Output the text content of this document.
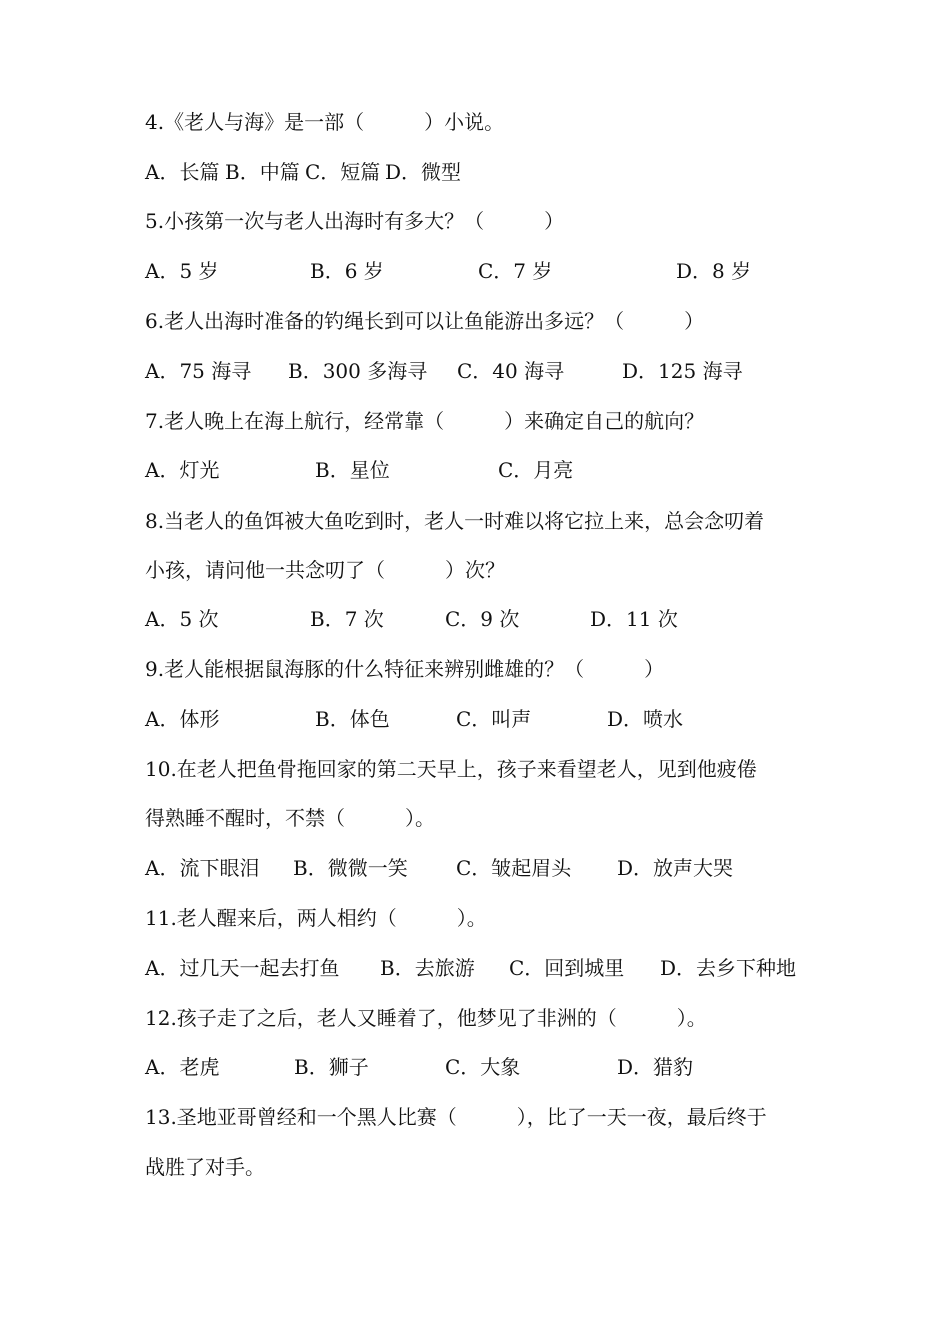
4.《老人与海》是一部（　　　）小说。
A．长篇 B．中篇 C．短篇 D．微型
5.小孩第一次与老人出海时有多大？（　　　）
A．5 岁	B．6 岁	C．7 岁	D．8 岁
6.老人出海时准备的钓绳长到可以让鱼能游出多远？（　　　）
A．75 海寻 B．300 多海寻 C．40 海寻	D．125 海寻
7.老人晚上在海上航行，经常靠（　　　）来确定自己的航向？
A．灯光	B．星位	C．月亮
8.当老人的鱼饵被大鱼吃到时，老人一时难以将它拉上来，总会念叨着
小孩，请问他一共念叨了（　　　）次？
A．5 次	B．7 次	C．9 次	D．11 次
9.老人能根据鼠海豚的什么特征来辨别雌雄的？（　　　）
A．体形	B．体色	C．叫声	D．喷水
10.在老人把鱼骨拖回家的第二天早上，孩子来看望老人，见到他疲倦
得熟睡不醒时，不禁（　　　）。
A．流下眼泪 B．微微一笑 C．皱起眉头 D．放声大哭
11.老人醒来后，两人相约（　　　）。
A．过几天一起去打鱼 B．去旅游 C．回到城里 D．去乡下种地
12.孩子走了之后，老人又睡着了，他梦见了非洲的（　　　）。
A．老虎	B．狮子	C．大象	D．猎豹
13.圣地亚哥曾经和一个黑人比赛（　　　），比了一天一夜，最后终于
战胜了对手。
